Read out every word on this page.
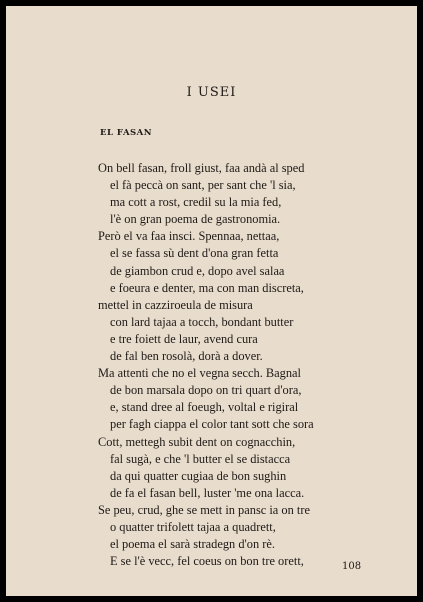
I USEI
EL FASAN
On bell fasan, froll giust, faa andà al sped
el fà peccà on sant, per sant che 'l sia,
ma cott a rost, credil su la mia fed,
l'è on gran poema de gastronomia.
Però el va faa insci. Spennaa, nettaa,
el se fassa sù dent d'ona gran fetta
de giambon crud e, dopo avel salaa
e foeura e denter, ma con man discreta,
mettel in cazziroeula de misura
con lard tajaa a tocch, bondant butter
e tre foiett de laur, avend cura
de fal ben rosolà, dorà a dover.
Ma attenti che no el vegna secch. Bagnal
de bon marsala dopo on tri quart d'ora,
e, stand dree al foeugh, voltal e rigiral
per fagh ciappa el color tant sott che sora
Cott, mettegh subit dent on cognacchin,
fal sugà, e che 'l butter el se distacca
da qui quatter cugiaa de bon sughin
de fa el fasan bell, luster 'me ona lacca.
Se peu, crud, ghe se mett in pansc ia on tre
o quatter trifolett tajaa a quadrett,
el poema el sarà stradegn d'on rè.
E se l'è vecc, fel coeus on bon tre orett,	108
